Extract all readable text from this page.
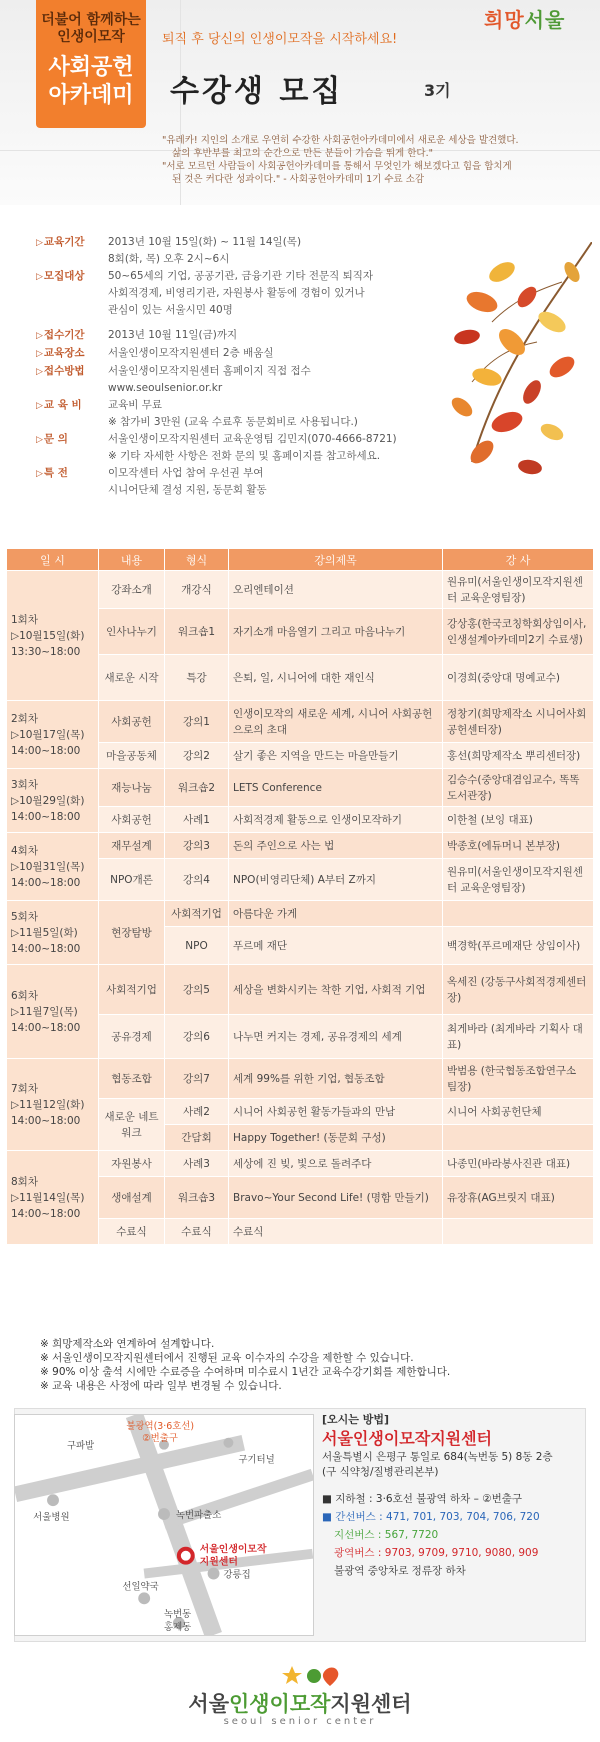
더불어 함께하는
인생이모작
사회공헌
아카데미
퇴직 후 당신의 인생이모작을 시작하세요!
희망서울
수강생 모집	3기
"유레카! 지인의 소개로 우연히 수강한 사회공헌아카데미에서 새로운 세상을 발견했다.
삶의 후반부를 최고의 순간으로 만든 분들이 가슴을 뛰게 한다."
"서로 모르던 사람들이 사회공헌아카데미를 통해서 무엇인가 해보겠다고 힘을 합치게
된 것은 커다란 성과이다." - 사회공헌아카데미 1기 수료 소감
▷교육기간	2013년 10월 15일(화) ~ 11월 14일(목)
8회(화, 목) 오후 2시~6시
▷모집대상	50~65세의 기업, 공공기관, 금융기관 기타 전문직 퇴직자
사회적경제, 비영리기관, 자원봉사 활동에 경험이 있거나
관심이 있는 서울시민 40명
▷접수기간	2013년 10월 11일(금)까지
▷교육장소	서울인생이모작지원센터 2층 배움실
▷접수방법	서울인생이모작지원센터 홈페이지 직접 접수
www.seoulsenior.or.kr
▷교 육 비	교육비 무료
※ 참가비 3만원 (교육 수료후 동문회비로 사용됩니다.)
▷문 의	서울인생이모작지원센터 교육운영팀 김민지(070-4666-8721)
※ 기타 자세한 사항은 전화 문의 및 홈페이지를 참고하세요.
▷특 전	이모작센터 사업 참여 우선권 부여
시니어단체 결성 지원, 동문회 활동
일 시	내용	형식	강의제목	강 사

1회차
▷10월15일(화)
13:30~18:00	강좌소개	개강식	오리엔테이션	원유미(서울인생이모작지원센터 교육운영팀장)
	인사나누기	워크숍1	자기소개 마음열기 그리고 마음나누기	강상홍(한국코칭학회상임이사, 인생설계아카데미2기 수료생)
	새로운 시작	특강	은퇴, 일, 시니어에 대한 재인식	이경희(중앙대 명예교수)

2회차
▷10월17일(목)
14:00~18:00	사회공헌	강의1	인생이모작의 새로운 세계, 시니어 사회공헌으로의 초대	정창기(희망제작소 시니어사회공헌센터장)
	마을공동체	강의2	살기 좋은 지역을 만드는 마을만들기	홍선(희망제작소 뿌리센터장)

3회차
▷10월29일(화)
14:00~18:00	재능나눔	워크숍2	LETS Conference	김승수(중앙대겸임교수, 똑똑도서관장)
	사회공헌	사례1	사회적경제 활동으로 인생이모작하기	이한철 (보잉 대표)

4회차
▷10월31일(목)
14:00~18:00	재무설계	강의3	돈의 주인으로 사는 법	박종호(에듀머니 본부장)
	NPO개론	강의4	NPO(비영리단체) A부터 Z까지	원유미(서울인생이모작지원센터 교육운영팀장)

5회차
▷11월5일(화)
14:00~18:00	현장탐방	사회적기업	아름다운 가게	
		NPO	푸르메 재단	백경학(푸르메재단 상임이사)

6회차
▷11월7일(목)
14:00~18:00	사회적기업	강의5	세상을 변화시키는 착한 기업, 사회적 기업	옥세진 (강동구사회적경제센터장)
	공유경제	강의6	나누면 커지는 경제, 공유경제의 세계	최게바라 (최게바라 기획사 대표)

7회차
▷11월12일(화)
14:00~18:00	협동조합	강의7	세계 99%를 위한 기업, 협동조합	박범용 (한국협동조합연구소 팀장)
	새로운 네트워크	사례2	시니어 사회공헌 활동가들과의 만남	시니어 사회공헌단체
		간담회	Happy Together! (동문회 구성)	

8회차
▷11월14일(목)
14:00~18:00	자원봉사	사례3	세상에 진 빚, 빛으로 돌려주다	나종민(바라봉사진관 대표)
	생애설계	워크숍3	Bravo~Your Second Life! (명함 만들기)	유장휴(AG브릿지 대표)
	수료식	수료식	수료식	
※ 희망제작소와 연계하여 설계합니다.
※ 서울인생이모작지원센터에서 진행된 교육 이수자의 수강을 제한할 수 있습니다.
※ 90% 이상 출석 시에만 수료증을 수여하며 미수료시 1년간 교육수강기회를 제한합니다.
※ 교육 내용은 사정에 따라 일부 변경될 수 있습니다.
불광역(3·6호선)
②번출구
구파발
구기터널
서울병원	녹번파출소
서울인생이모작
지원센터
선일약국
강릉집
녹번동
홍제동
[오시는 방법]
서울인생이모작지원센터
서울특별시 은평구 통일로 684(녹번동 5) 8동 2층
(구 식약청/질병관리본부)
■ 지하철 : 3·6호선 불광역 하차 – ②번출구
■ 간선버스 : 471, 701, 703, 704, 706, 720
지선버스 : 567, 7720
광역버스 : 9703, 9709, 9710, 9080, 909
불광역 중앙차로 정류장 하차
서울인생이모작지원센터
seoul senior center
